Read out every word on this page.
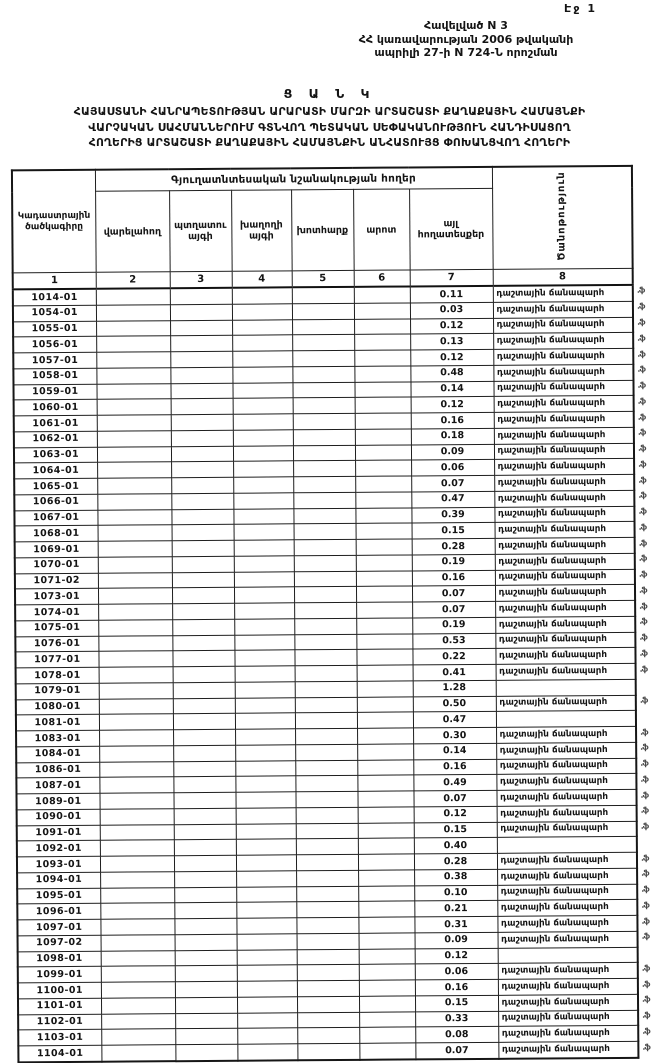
Էջ 1
Հավելված N 3
ՀՀ կառավարության 2006 թվականի
ապրիլի 27-ի N 724-Ն որոշման
Ց Ա Ն Կ
ՀԱՅԱՍՏԱՆԻ ՀԱՆՐԱՊԵՏՈՒԹՅԱՆ ԱՐԱՐԱՏԻ ՄԱՐԶԻ ԱՐՏԱՇԱՏԻ ՔԱՂԱՔԱՅԻՆ ՀԱՄԱՅՆՔԻ
ՎԱՐՉԱԿԱՆ ՍԱՀՄԱՆՆԵՐՈՒՄ ԳՏՆՎՈՂ ՊԵՏԱԿԱՆ ՍԵՓԱԿԱՆՈՒԹՅՈՒՆ ՀԱՆԴԻՍԱՑՈՂ
ՀՈՂԵՐԻՑ ԱՐՏԱՇԱՏԻ ՔԱՂԱՔԱՅԻՆ ՀԱՄԱՅՆՔԻՆ ԱՆՀԱՏՈՒՅՑ ՓՈԽԱՆՑՎՈՂ ՀՈՂԵՐԻ
Կադաստրային ծածկագիրը	Գյուղատնտեսական նշանակության հողեր						Ծանոթություն
	վարելահող	պտղատու այգի	խաղողի այգի	խոտհարք	արոտ	այլ հողատեսքեր	
1	2	3	4	5	6	7	8
1014-01						0.11	դաշտային ճանապարհ
1054-01						0.03	դաշտային ճանապարհ
1055-01						0.12	դաշտային ճանապարհ
1056-01						0.13	դաշտային ճանապարհ
1057-01						0.12	դաշտային ճանապարհ
1058-01						0.48	դաշտային ճանապարհ
1059-01						0.14	դաշտային ճանապարհ
1060-01						0.12	դաշտային ճանապարհ
1061-01						0.16	դաշտային ճանապարհ
1062-01						0.18	դաշտային ճանապարհ
1063-01						0.09	դաշտային ճանապարհ
1064-01						0.06	դաշտային ճանապարհ
1065-01						0.07	դաշտային ճանապարհ
1066-01						0.47	դաշտային ճանապարհ
1067-01						0.39	դաշտային ճանապարհ
1068-01						0.15	դաշտային ճանապարհ
1069-01						0.28	դաշտային ճանապարհ
1070-01						0.19	դաշտային ճանապարհ
1071-02						0.16	դաշտային ճանապարհ
1073-01						0.07	դաշտային ճանապարհ
1074-01						0.07	դաշտային ճանապարհ
1075-01						0.19	դաշտային ճանապարհ
1076-01						0.53	դաշտային ճանապարհ
1077-01						0.22	դաշտային ճանապարհ
1078-01						0.41	դաշտային ճանապարհ
1079-01						1.28	
1080-01						0.50	դաշտային ճանապարհ
1081-01						0.47	
1083-01						0.30	դաշտային ճանապարհ
1084-01						0.14	դաշտային ճանապարհ
1086-01						0.16	դաշտային ճանապարհ
1087-01						0.49	դաշտային ճանապարհ
1089-01						0.07	դաշտային ճանապարհ
1090-01						0.12	դաշտային ճանապարհ
1091-01						0.15	դաշտային ճանապարհ
1092-01						0.40	
1093-01						0.28	դաշտային ճանապարհ
1094-01						0.38	դաշտային ճանապարհ
1095-01						0.10	դաշտային ճանապարհ
1096-01						0.21	դաշտային ճանապարհ
1097-01						0.31	դաշտային ճանապարհ
1097-02						0.09	դաշտային ճանապարհ
1098-01						0.12	
1099-01						0.06	դաշտային ճանապարհ
1100-01						0.16	դաշտային ճանապարհ
1101-01						0.15	դաշտային ճանապարհ
1102-01						0.33	դաշտային ճանապարհ
1103-01						0.08	դաշտային ճանապարհ
1104-01						0.07	դաշտային ճանապարհ
.ֆ
.ֆ
.ֆ
.ֆ
.ֆ
.ֆ
.ֆ
.ֆ
.ֆ
.ֆ
.ֆ
.ֆ
.ֆ
.ֆ
.ֆ
.ֆ
.ֆ
.ֆ
.ֆ
.ֆ
.ֆ
.ֆ
.ֆ
.ֆ
.ֆ
.ֆ
.ֆ
.ֆ
.ֆ
.ֆ
.ֆ
.ֆ
.ֆ
.ֆ
.ֆ
.ֆ
.ֆ
.ֆ
.ֆ
.ֆ
.ֆ
.ֆ
.ֆ
.ֆ
.ֆ
